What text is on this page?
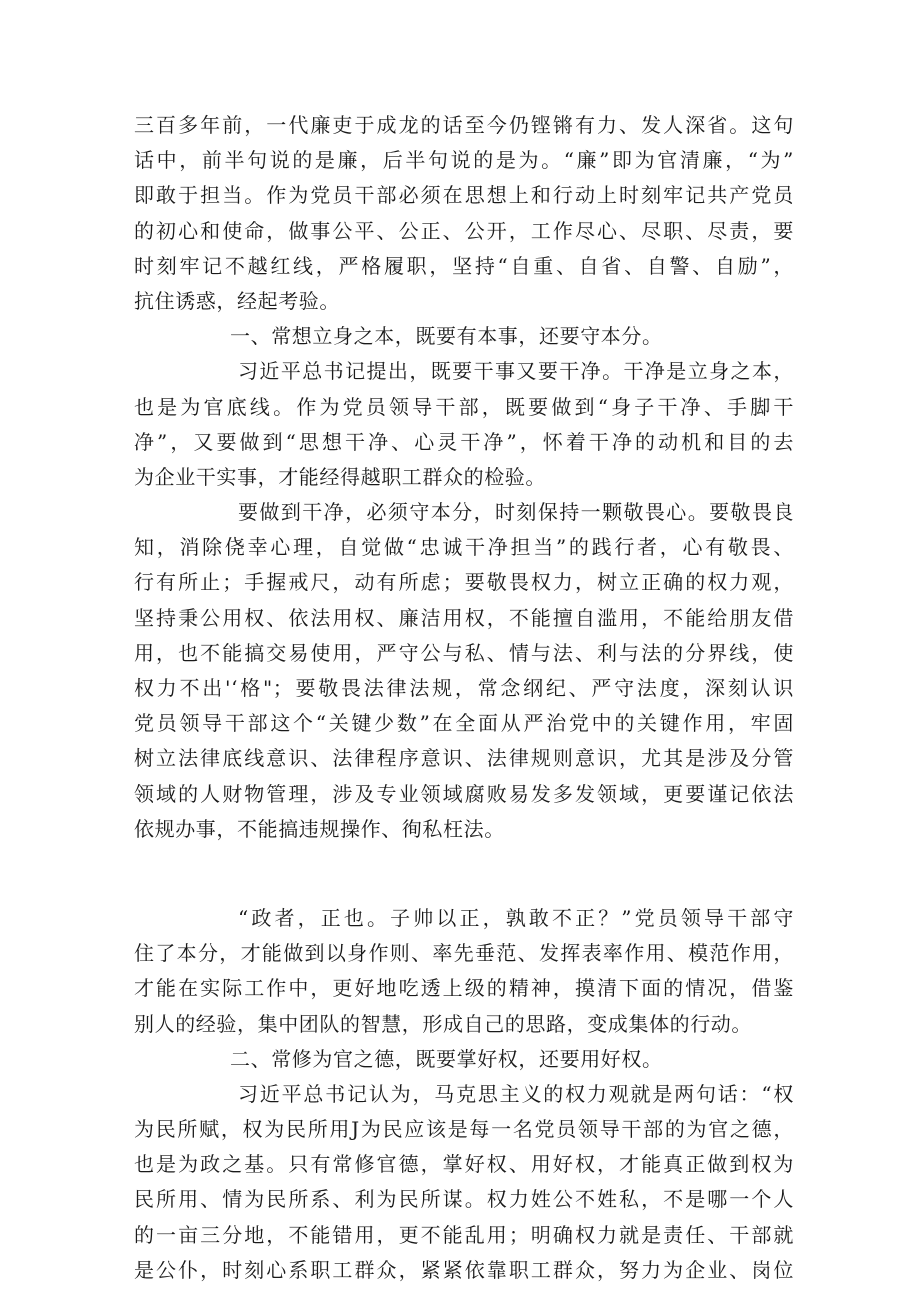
三百多年前，一代廉吏于成龙的话至今仍铿锵有力、发人深省。这句
话中，前半句说的是廉，后半句说的是为。“廉”即为官清廉，“为”
即敢于担当。作为党员干部必须在思想上和行动上时刻牢记共产党员
的初心和使命，做事公平、公正、公开，工作尽心、尽职、尽责，要
时刻牢记不越红线，严格履职，坚持“自重、自省、自警、自励”，
抗住诱惑，经起考验。
一、常想立身之本，既要有本事，还要守本分。
习近平总书记提出，既要干事又要干净。干净是立身之本，
也是为官底线。作为党员领导干部，既要做到“身子干净、手脚干
净”，又要做到“思想干净、心灵干净”，怀着干净的动机和目的去
为企业干实事，才能经得越职工群众的检验。
要做到干净，必须守本分，时刻保持一颗敬畏心。要敬畏良
知，消除侥幸心理，自觉做“忠诚干净担当”的践行者，心有敬畏、
行有所止；手握戒尺，动有所虑；要敬畏权力，树立正确的权力观，
坚持秉公用权、依法用权、廉洁用权，不能擅自滥用，不能给朋友借
用，也不能搞交易使用，严守公与私、情与法、利与法的分界线，使
权力不出'‘格"；要敬畏法律法规，常念纲纪、严守法度，深刻认识
党员领导干部这个“关键少数”在全面从严治党中的关键作用，牢固
树立法律底线意识、法律程序意识、法律规则意识，尤其是涉及分管
领域的人财物管理，涉及专业领域腐败易发多发领域，更要谨记依法
依规办事，不能搞违规操作、徇私枉法。
“政者，正也。子帅以正，孰敢不正？”党员领导干部守
住了本分，才能做到以身作则、率先垂范、发挥表率作用、模范作用，
才能在实际工作中，更好地吃透上级的精神，摸清下面的情况，借鉴
别人的经验，集中团队的智慧，形成自己的思路，变成集体的行动。
二、常修为官之德，既要掌好权，还要用好权。
习近平总书记认为，马克思主义的权力观就是两句话：“权
为民所赋，权为民所用J为民应该是每一名党员领导干部的为官之德，
也是为政之基。只有常修官德，掌好权、用好权，才能真正做到权为
民所用、情为民所系、利为民所谋。权力姓公不姓私，不是哪一个人
的一亩三分地，不能错用，更不能乱用；明确权力就是责任、干部就
是公仆，时刻心系职工群众，紧紧依靠职工群众，努力为企业、岗位
